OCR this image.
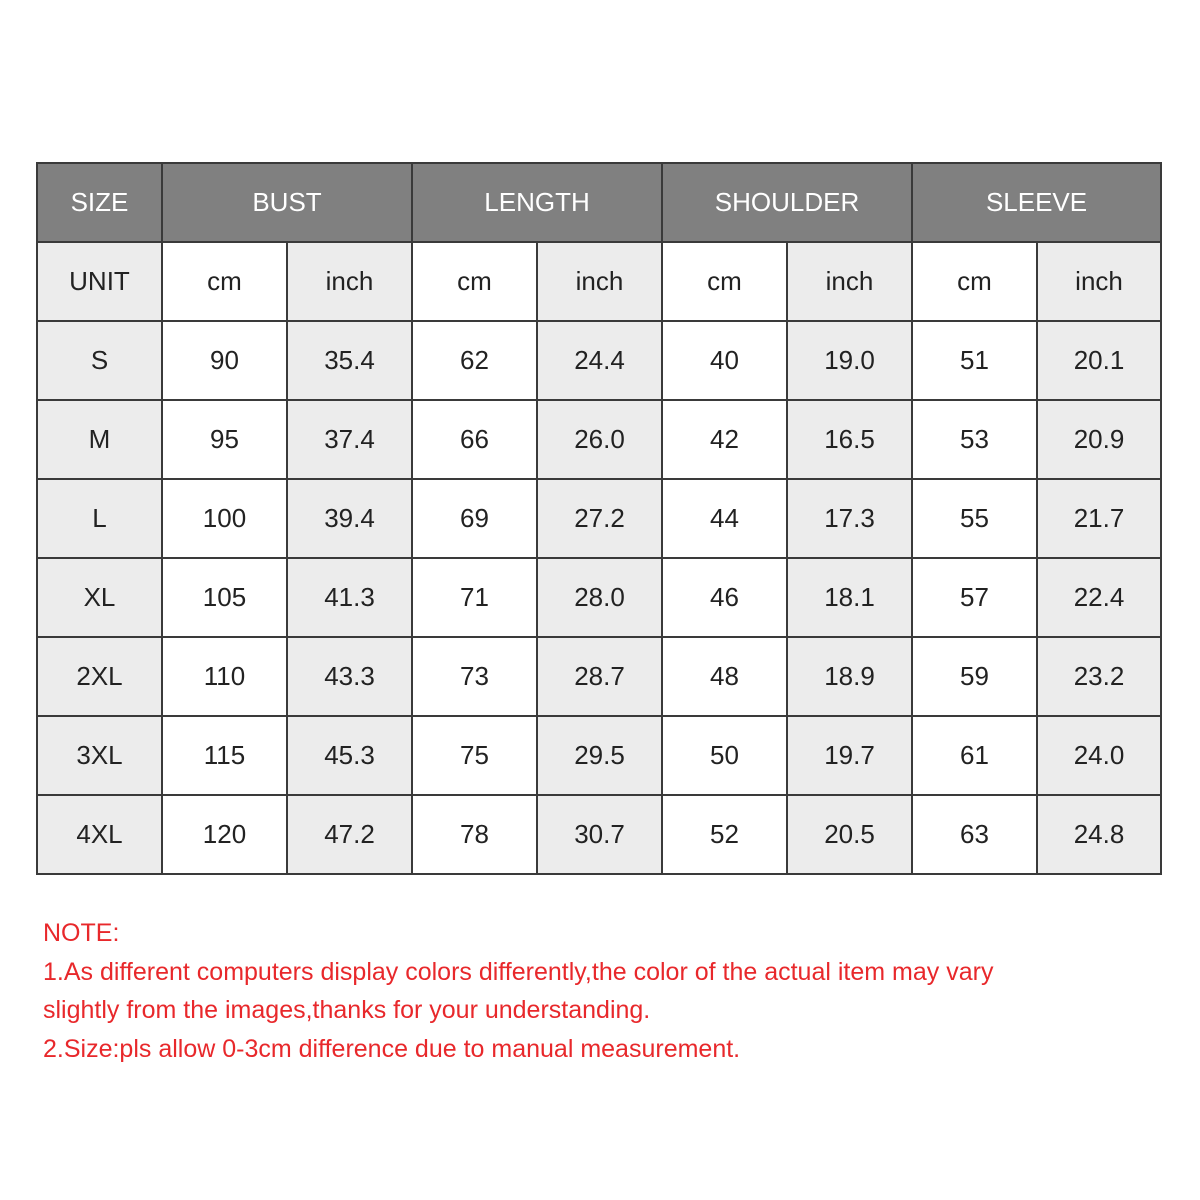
SIZE	BUST		LENGTH		SHOULDER		SLEEVE	
UNIT	cm	inch	cm	inch	cm	inch	cm	inch
S	90	35.4	62	24.4	40	19.0	51	20.1
M	95	37.4	66	26.0	42	16.5	53	20.9
L	100	39.4	69	27.2	44	17.3	55	21.7
XL	105	41.3	71	28.0	46	18.1	57	22.4
2XL	110	43.3	73	28.7	48	18.9	59	23.2
3XL	115	45.3	75	29.5	50	19.7	61	24.0
4XL	120	47.2	78	30.7	52	20.5	63	24.8
NOTE:
1.As different computers display colors differently,the color of the actual item may vary
slightly from the images,thanks for your understanding.
2.Size:pls allow 0-3cm difference due to manual measurement.
